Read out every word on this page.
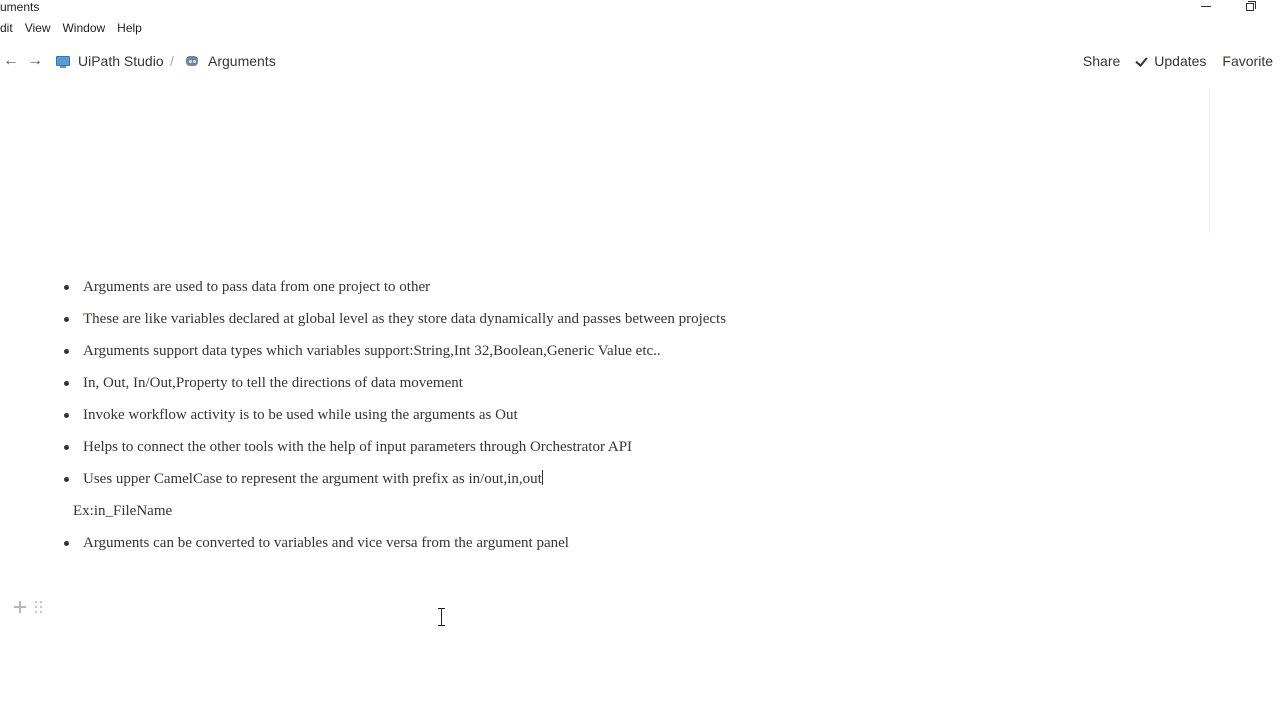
uments
dit View Window Help
← →	UiPath Studio / Arguments	Share Updates Favorite
Arguments are used to pass data from one project to other
These are like variables declared at global level as they store data dynamically and passes between projects
Arguments support data types which variables support:String,Int 32,Boolean,Generic Value etc..
In, Out, In/Out,Property to tell the directions of data movement
Invoke workflow activity is to be used while using the arguments as Out
Helps to connect the other tools with the help of input parameters through Orchestrator API
Uses upper CamelCase to represent the argument with prefix as in/out,in,out
Ex:in_FileName
Arguments can be converted to variables and vice versa from the argument panel
